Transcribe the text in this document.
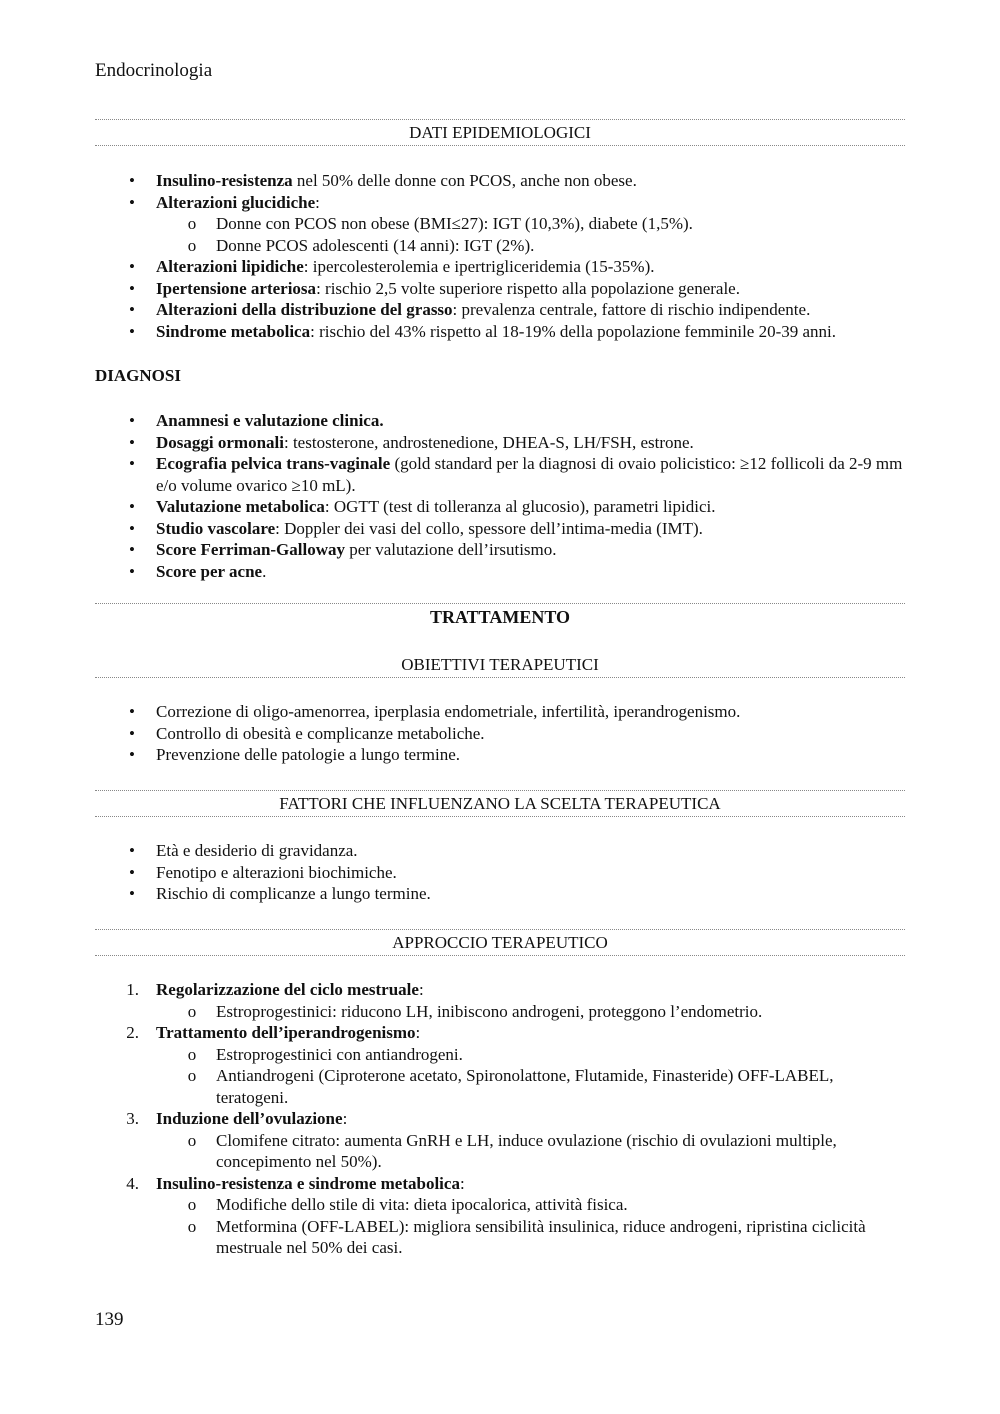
Endocrinologia
DATI EPIDEMIOLOGICI
•	Insulino-resistenza nel 50% delle donne con PCOS, anche non obese.
•	Alterazioni glucidiche:
o Donne con PCOS non obese (BMI≤27): IGT (10,3%), diabete (1,5%).
o Donne PCOS adolescenti (14 anni): IGT (2%).
•	Alterazioni lipidiche: ipercolesterolemia e ipertrigliceridemia (15-35%).
•	Ipertensione arteriosa: rischio 2,5 volte superiore rispetto alla popolazione generale.
•	Alterazioni della distribuzione del grasso: prevalenza centrale, fattore di rischio indipendente.
•	Sindrome metabolica: rischio del 43% rispetto al 18-19% della popolazione femminile 20-39 anni.
DIAGNOSI
•	Anamnesi e valutazione clinica.
•	Dosaggi ormonali: testosterone, androstenedione, DHEA-S, LH/FSH, estrone.
•	Ecografia pelvica trans-vaginale (gold standard per la diagnosi di ovaio policistico: ≥12 follicoli da 2-9 mm e/o volume ovarico ≥10 mL).
•	Valutazione metabolica: OGTT (test di tolleranza al glucosio), parametri lipidici.
•	Studio vascolare: Doppler dei vasi del collo, spessore dell’intima-media (IMT).
•	Score Ferriman-Galloway per valutazione dell’irsutismo.
•	Score per acne.
TRATTAMENTO
OBIETTIVI TERAPEUTICI
•	Correzione di oligo-amenorrea, iperplasia endometriale, infertilità, iperandrogenismo.
•	Controllo di obesità e complicanze metaboliche.
•	Prevenzione delle patologie a lungo termine.
FATTORI CHE INFLUENZANO LA SCELTA TERAPEUTICA
•	Età e desiderio di gravidanza.
•	Fenotipo e alterazioni biochimiche.
•	Rischio di complicanze a lungo termine.
APPROCCIO TERAPEUTICO
1. Regolarizzazione del ciclo mestruale:
o Estroprogestinici: riducono LH, inibiscono androgeni, proteggono l’endometrio.
2. Trattamento dell’iperandrogenismo:
o Estroprogestinici con antiandrogeni.
o Antiandrogeni (Ciproterone acetato, Spironolattone, Flutamide, Finasteride) OFF-LABEL, teratogeni.
3. Induzione dell’ovulazione:
o Clomifene citrato: aumenta GnRH e LH, induce ovulazione (rischio di ovulazioni multiple, concepimento nel 50%).
4. Insulino-resistenza e sindrome metabolica:
o Modifiche dello stile di vita: dieta ipocalorica, attività fisica.
o Metformina (OFF-LABEL): migliora sensibilità insulinica, riduce androgeni, ripristina ciclicità mestruale nel 50% dei casi.
139
